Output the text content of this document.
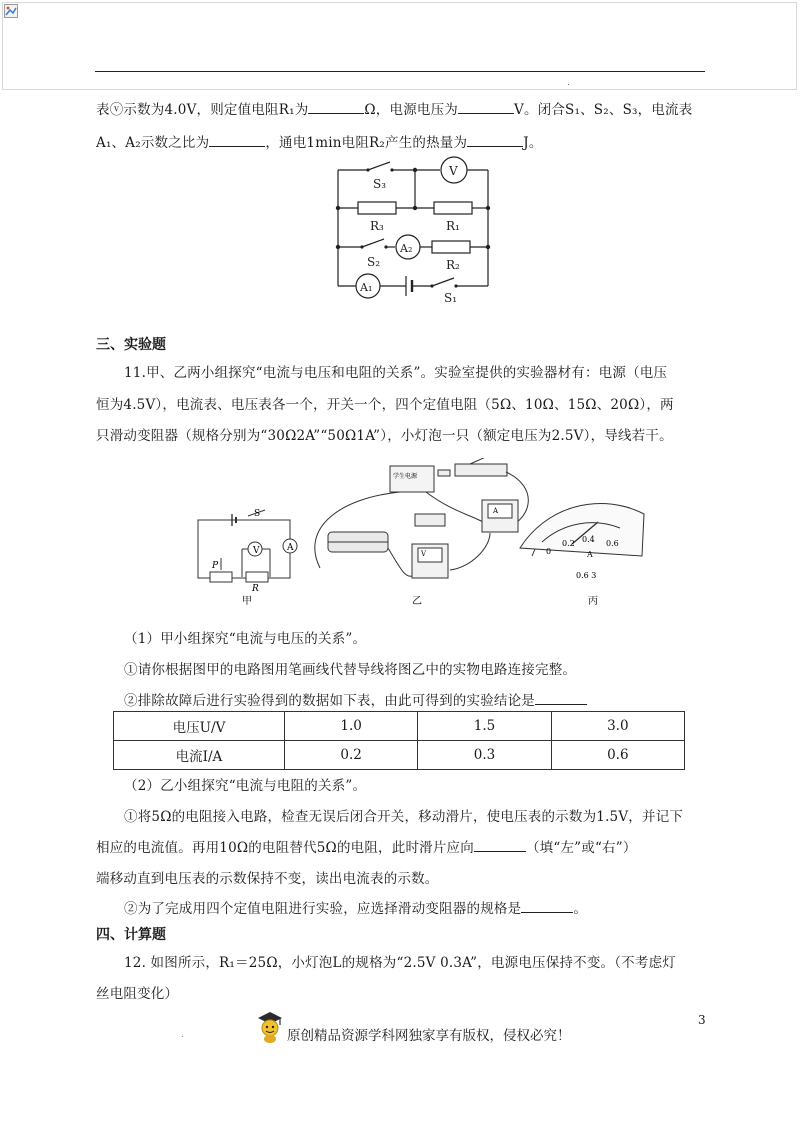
.
表ⓥ示数为4.0V，则定值电阻R₁为	Ω，电源电压为	V。闭合S₁、S₂、S₃，电流表
A₁、A₂示数之比为	，通电1min电阻R₂产生的热量为	J。
S₃
V
R₃	R₁
S₂
A₂
R₂
A₁
S₁
三、实验题
11.甲、乙两小组探究“电流与电压和电阻的关系”。实验室提供的实验器材有：电源（电压
恒为4.5V），电流表、电压表各一个，开关一个，四个定值电阻（5Ω、10Ω、15Ω、20Ω），两
只滑动变阻器（规格分别为“30Ω2A”“50Ω1A”），小灯泡一只（额定电压为2.5V），导线若干。
V	A
S
R
P
甲
学生电源
V
A
乙
0
0.2 0.4 0.6
A
0.6 3
丙
（1）甲小组探究“电流与电压的关系”。
①请你根据图甲的电路图用笔画线代替导线将图乙中的实物电路连接完整。
②排除故障后进行实验得到的数据如下表，由此可得到的实验结论是
电压U/V	1.0	1.5	3.0
电流I/A	0.2	0.3	0.6
（2）乙小组探究“电流与电阻的关系”。
①将5Ω的电阻接入电路，检查无误后闭合开关，移动滑片，使电压表的示数为1.5V，并记下
相应的电流值。再用10Ω的电阻替代5Ω的电阻，此时滑片应向	（填“左”或“右”）
端移动直到电压表的示数保持不变，读出电流表的示数。
②为了完成用四个定值电阻进行实验，应选择滑动变阻器的规格是	。
四、计算题
12. 如图所示，R₁＝25Ω，小灯泡L的规格为“2.5V 0.3A”，电源电压保持不变。（不考虑灯
丝电阻变化）
3
.	原创精品资源学科网独家享有版权，侵权必究！
